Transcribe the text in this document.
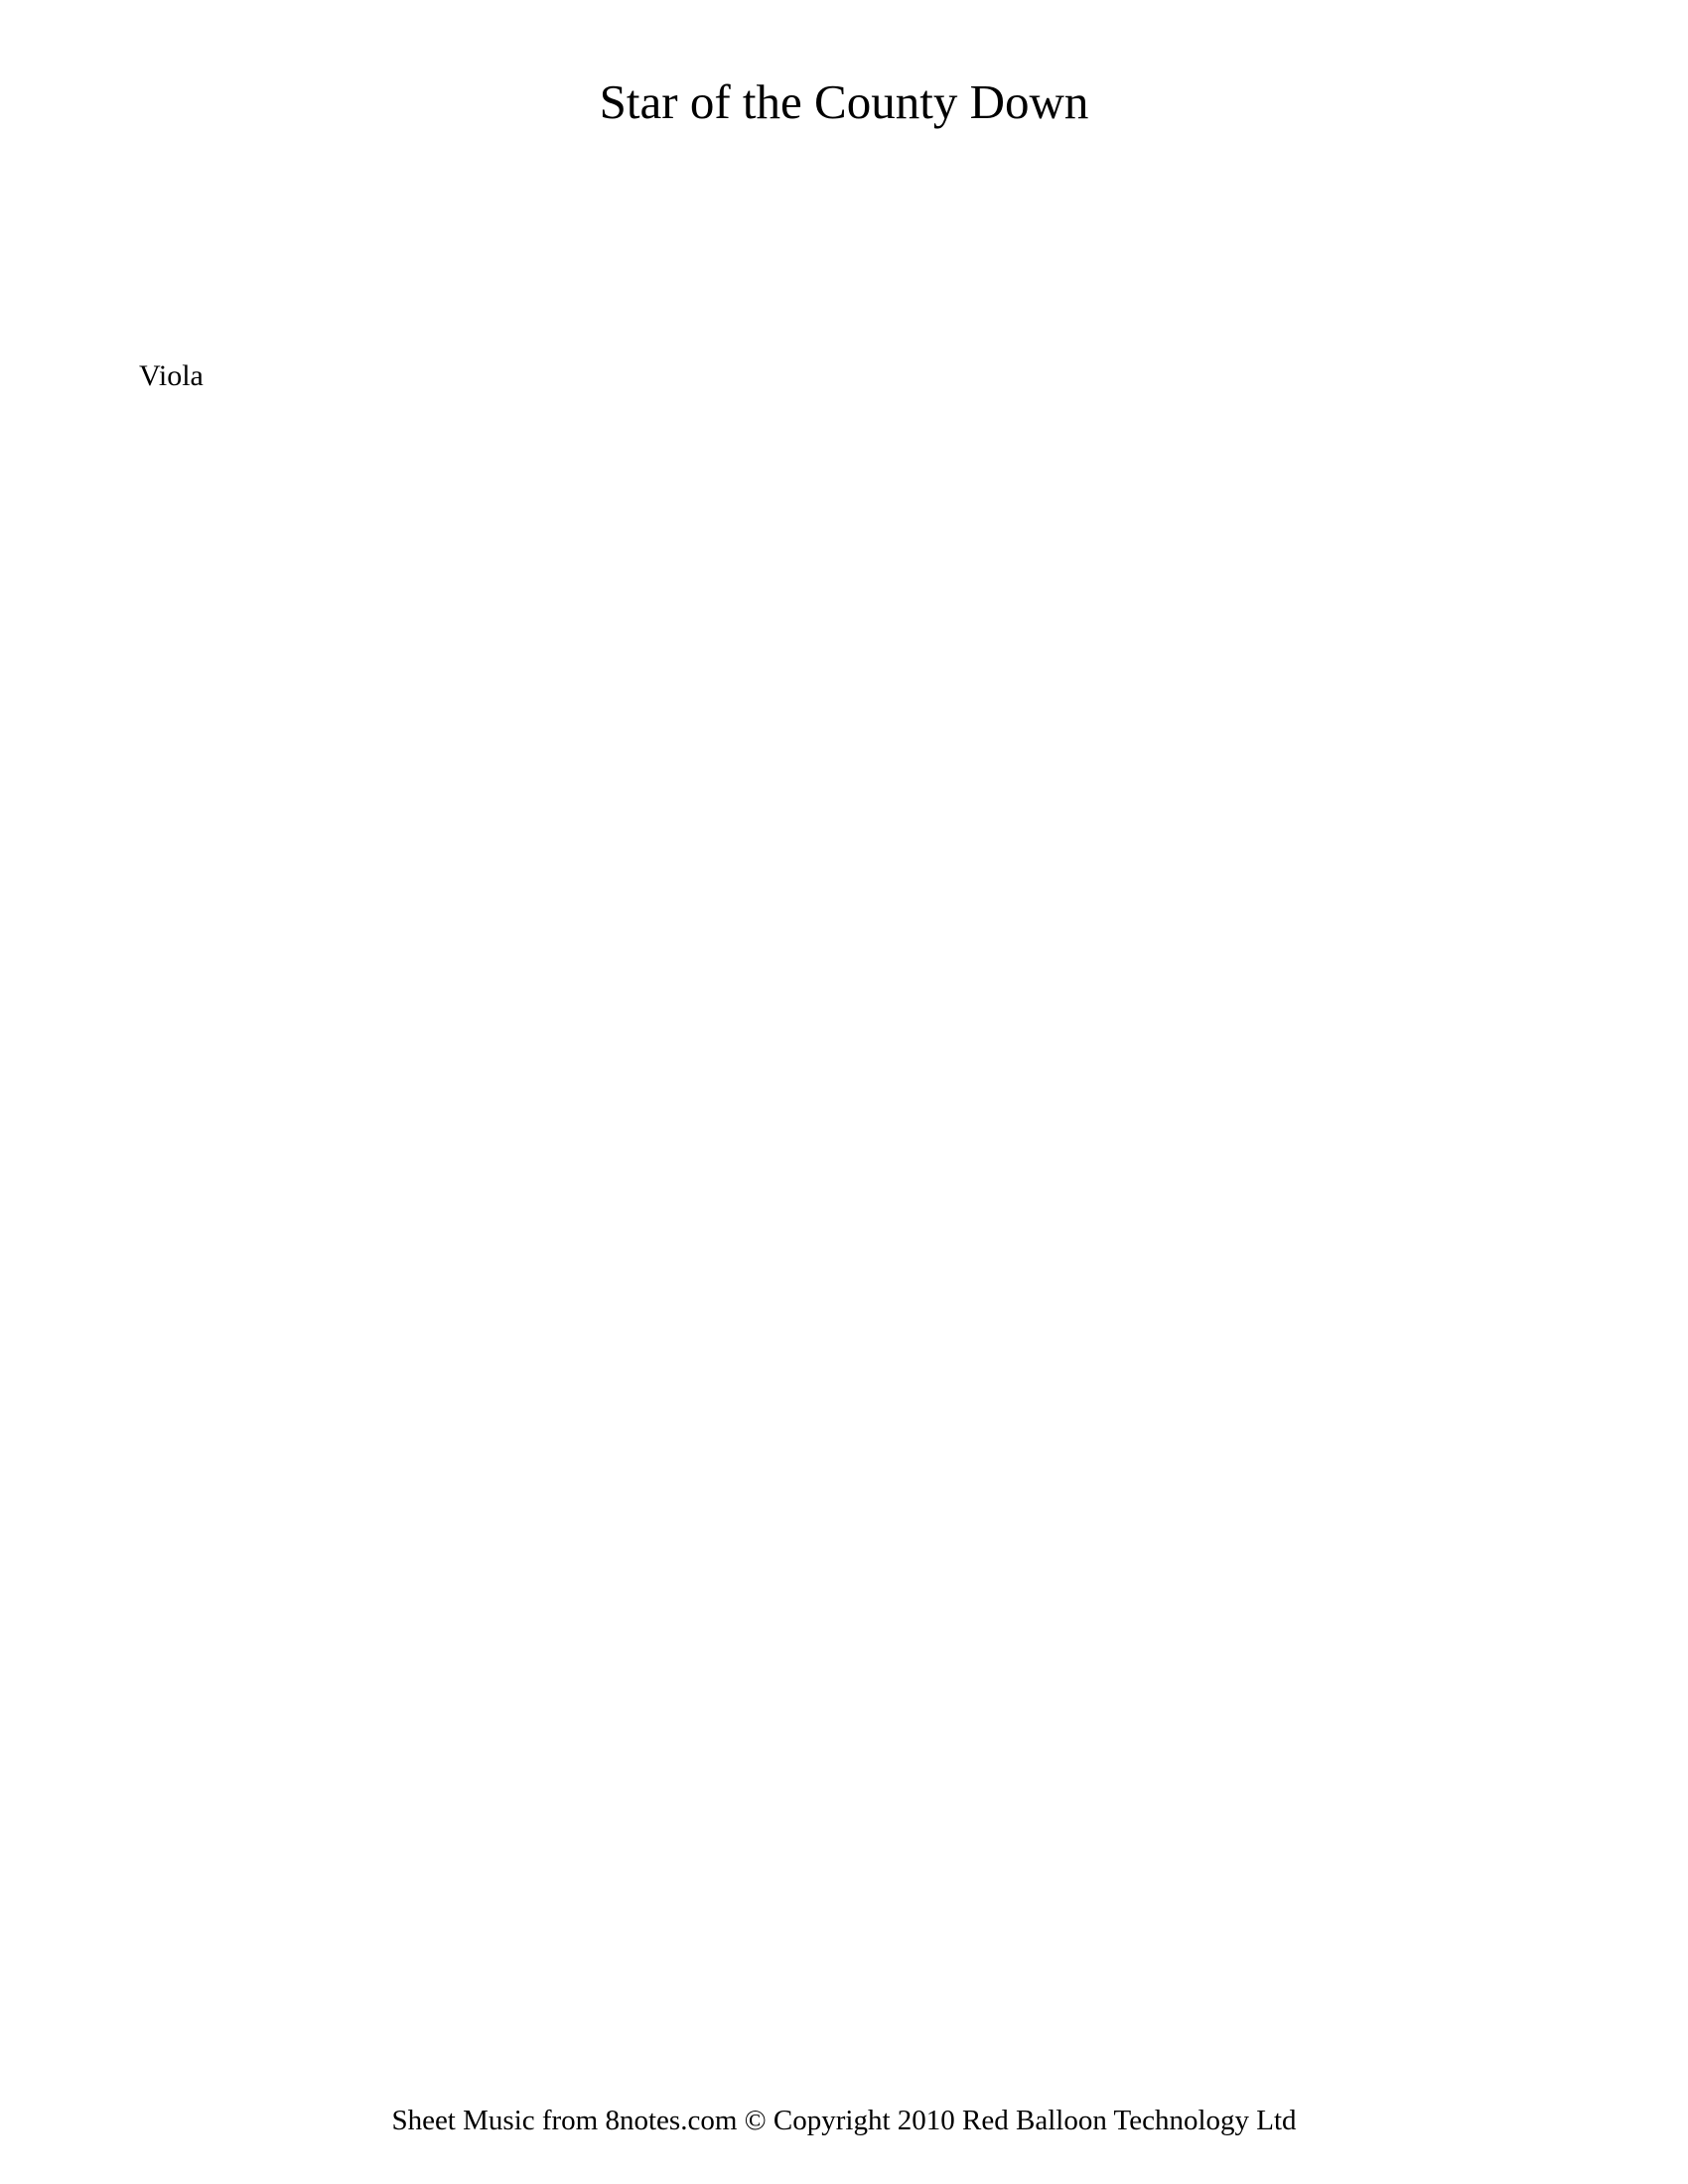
Star of the County Down
Viola
Sheet Music from 8notes.com © Copyright 2010 Red Balloon Technology Ltd
